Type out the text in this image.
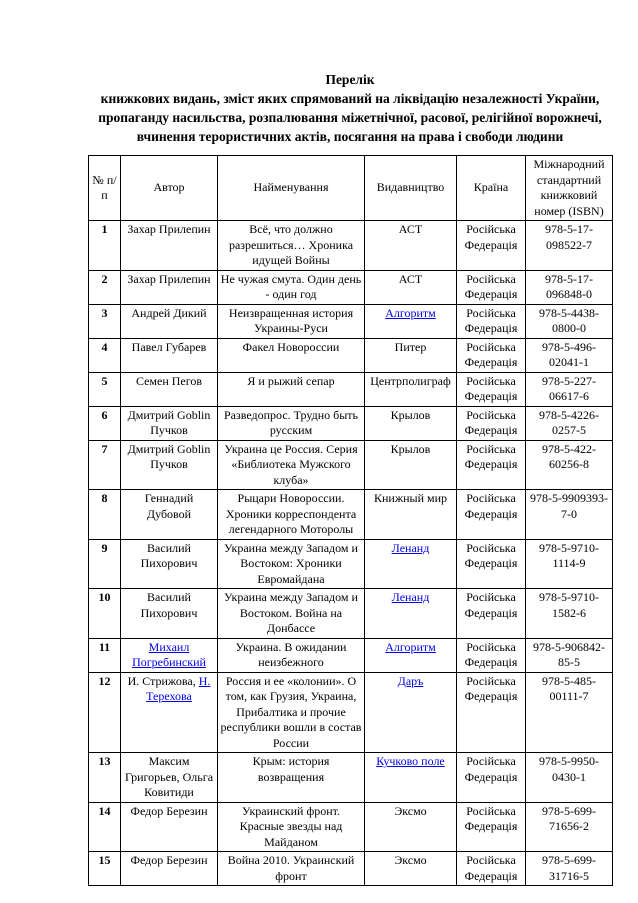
Перелік
книжкових видань, зміст яких спрямований на ліквідацію незалежності України, пропаганду насильства, розпалювання міжетнічної, расової, релігійної ворожнечі, вчинення терористичних актів, посягання на права і свободи людини
№ п/п	Автор	Найменування	Видавництво	Країна	Міжнародний стандартний книжковий номер (ISBN)
1	Захар Прилепин	Всё, что должно разрешиться… Хроника идущей Войны	АСТ	Російська Федерація	978-5-17-098522-7
2	Захар Прилепин	Не чужая смута. Один день - один год	АСТ	Російська Федерація	978-5-17-096848-0
3	Андрей Дикий	Неизвращенная история Украины-Руси	Алгоритм	Російська Федерація	978-5-4438-0800-0
4	Павел Губарев	Факел Новороссии	Питер	Російська Федерація	978-5-496-02041-1
5	Семен Пегов	Я и рыжий сепар	Центрполиграф	Російська Федерація	978-5-227-06617-6
6	Дмитрий Goblin Пучков	Разведопрос. Трудно быть русским	Крылов	Російська Федерація	978-5-4226-0257-5
7	Дмитрий Goblin Пучков	Украина це Россия. Серия «Библиотека Мужского клуба»	Крылов	Російська Федерація	978-5-422-60256-8
8	Геннадий Дубовой	Рыцари Новороссии. Хроники корреспондента легендарного Моторолы	Книжный мир	Російська Федерація	978-5-9909393-7-0
9	Василий Пихорович	Украина между Западом и Востоком: Хроники Евромайдана	Ленанд	Російська Федерація	978-5-9710-1114-9
10	Василий Пихорович	Украина между Западом и Востоком. Война на Донбассе	Ленанд	Російська Федерація	978-5-9710-1582-6
11	Михаил Погребинский	Украина. В ожидании неизбежного	Алгоритм	Російська Федерація	978-5-906842-85-5
12	И. Стрижова, Н. Терехова	Россия и ее «колонии». О том, как Грузия, Украина, Прибалтика и прочие республики вошли в состав России	Даръ	Російська Федерація	978-5-485-00111-7
13	Максим Григорьев, Ольга Ковитиди	Крым: история возвращения	Кучково поле	Російська Федерація	978-5-9950-0430-1
14	Федор Березин	Украинский фронт. Красные звезды над Майданом	Эксмо	Російська Федерація	978-5-699-71656-2
15	Федор Березин	Война 2010. Украинский фронт	Эксмо	Російська Федерація	978-5-699-31716-5
